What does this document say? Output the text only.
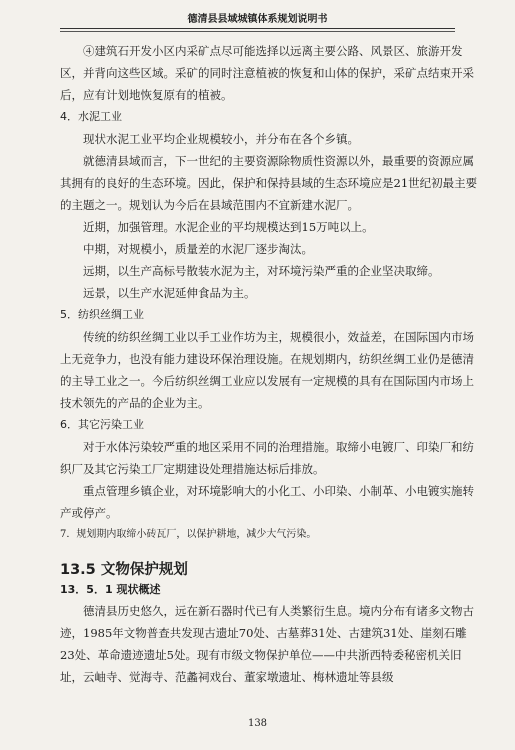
德清县县域城镇体系规划说明书

④建筑石开发小区内采矿点尽可能选择以远离主要公路、风景区、旅游开发区，并背向这些区域。采矿的同时注意植被的恢复和山体的保护，采矿点结束开采后，应有计划地恢复原有的植被。

4．水泥工业

现状水泥工业平均企业规模较小，并分布在各个乡镇。

就德清县域而言，下一世纪的主要资源除物质性资源以外，最重要的资源应属其拥有的良好的生态环境。因此，保护和保持县域的生态环境应是21世纪初最主要的主题之一。规划认为今后在县域范围内不宜新建水泥厂。

近期，加强管理。水泥企业的平均规模达到15万吨以上。

中期，对规模小，质量差的水泥厂逐步淘汰。

远期，以生产高标号散装水泥为主，对环境污染严重的企业坚决取缔。

远景，以生产水泥延伸食品为主。

5．纺织丝绸工业

传统的纺织丝绸工业以手工业作坊为主，规模很小，效益差，在国际国内市场上无竞争力，也没有能力建设环保治理设施。在规划期内，纺织丝绸工业仍是德清的主导工业之一。今后纺织丝绸工业应以发展有一定规模的具有在国际国内市场上技术领先的产品的企业为主。

6．其它污染工业

对于水体污染较严重的地区采用不同的治理措施。取缔小电镀厂、印染厂和纺织厂及其它污染工厂定期建设处理措施达标后排放。

重点管理乡镇企业，对环境影响大的小化工、小印染、小制革、小电镀实施转产或停产。

7．规划期内取缔小砖瓦厂，以保护耕地，减少大气污染。

13.5 文物保护规划

13．5．1 现状概述

德清县历史悠久，远在新石器时代已有人类繁衍生息。境内分布有诸多文物古迹，1985年文物普查共发现古遗址70处、古墓葬31处、古建筑31处、崖刻石雕23处、革命遗迹遗址5处。现有市级文物保护单位——中共浙西特委秘密机关旧址，云岫寺、觉海寺、范蠡祠戏台、董家墩遗址、梅林遗址等县级

138
